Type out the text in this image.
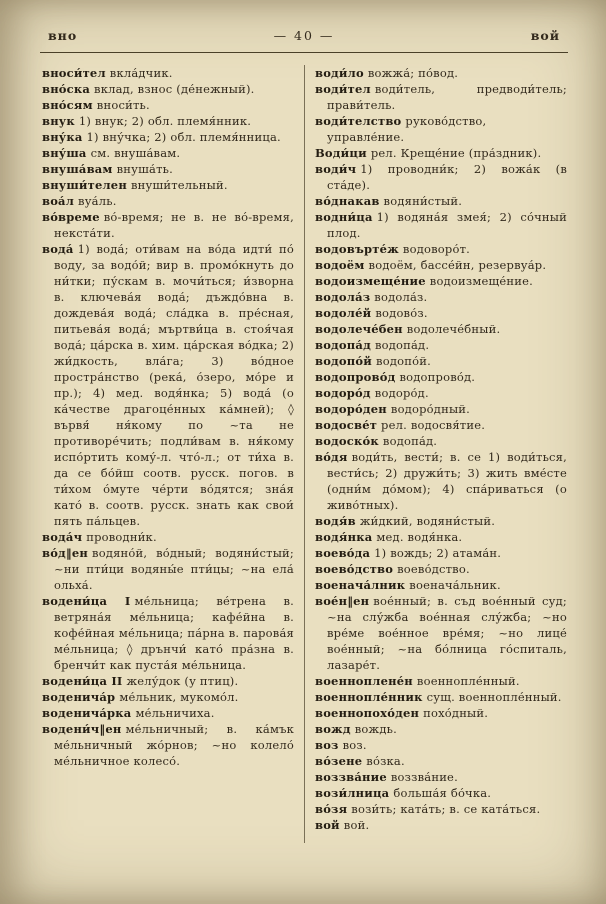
вно	— 40 —	вой

вноси́тел вкла́дчик.

вно́ска вклад, взнос (де́нежный).

вно́сям вноси́ть.

внук 1) внук; 2) обл. племя́нник.

вну́ка 1) вну́чка; 2) обл. племя́нница.

вну́ша см. внуша́вам.

внуша́вам внуша́ть.

внуши́телен внуши́тельный.

воа́л вуа́ль.

во́време во́-время; не в. не во́-время, некста́ти.

вода́ 1) вода́; оти́вам на во́да идти́ по́ воду, за водо́й; вир в. промо́кнуть до ни́тки; пу́скам в. мочи́ться; и́зворна в. ключева́я вода́; дъждо́вна в. дождева́я вода́; сла́дка в. пре́сная, питьева́я вода́; мъртви́ца в. стоя́чая вода́; ца́рска в. хим. ца́рская во́дка; 2) жи́дкость, вла́га; 3) во́дное простра́нство (река́, о́зеро, мо́ре и пр.); 4) мед. водя́нка; 5) вода́ (о ка́честве драгоце́нных ка́мней); ◊ вървя́ ня́кому по ~та не противоре́чить; подли́вам в. ня́кому испо́ртить кому́-л. что́-л.; от ти́ха в. да се бо́йш соотв. русск. погов. в ти́хом о́муте че́рти во́дятся; зна́я като́ в. соотв. русск. знать как свои́ пять па́льцев.

вода́ч проводни́к.

во́д‖ен водяно́й, во́дный; водяни́стый; ~ни пти́ци водяны́е пти́цы; ~на ела́ ольха́.

водени́ца I ме́льница; ве́трена в. ветряна́я ме́льница; кафе́йна в. кофе́йная ме́льница; па́рна в. парова́я ме́льница; ◊ дрънчи́ като́ пра́зна в. бренчи́т как пуста́я ме́льница.

водени́ца II желу́док (у птиц).

воденича́р ме́льник, мукомо́л.

воденича́рка ме́льничиха.

водени́ч‖ен ме́льничный; в. ка́мък ме́льничный жо́рнов; ~но колело́ ме́льничное колесо́.

води́ло вожжа́; по́вод.

води́тел води́тель, предводи́тель; прави́тель.

води́телство руково́дство, управле́ние.

Води́ци рел. Креще́ние (пра́здник).

води́ч 1) проводни́к; 2) вожа́к (в ста́де).

во́днакав водяни́стый.

водни́ца 1) водяна́я змея́; 2) со́чный плод.

водовърте́ж водоворо́т.

водоём водоём, бассе́йн, резервуа́р.

водоизмеще́ние водоизмеще́ние.

водола́з водола́з.

водоле́й водово́з.

водолече́бен водолече́бный.

водопа́д водопа́д.

водопо́й водопо́й.

водопрово́д водопрово́д.

водоро́д водоро́д.

водоро́ден водоро́дный.

водосве́т рел. водосвя́тие.

водоско́к водопа́д.

во́дя води́ть, вести́; в. се 1) води́ться, вести́сь; 2) дружи́ть; 3) жить вме́сте (одни́м до́мом); 4) спа́риваться (о живо́тных).

водя́в жи́дкий, водяни́стый.

водя́нка мед. водя́нка.

воево́да 1) вождь; 2) атама́н.

воево́дство воево́дство.

военача́лник военача́льник.

вое́н‖ен вое́нный; в. съд вое́нный суд; ~на слу́жба вое́нная слу́жба; ~но вре́ме вое́нное вре́мя; ~но лице́ вое́нный; ~на бо́лница го́спиталь, лазаре́т.

военноплене́н военнопле́нный.

военнопле́нник сущ. военнопле́нный.

военнопохо́ден похо́дный.

вожд вождь.

воз воз.

во́зене во́зка.

воззва́ние воззва́ние.

вози́лница больша́я бо́чка.

во́зя вози́ть; ката́ть; в. се ката́ться.

вой вой.
